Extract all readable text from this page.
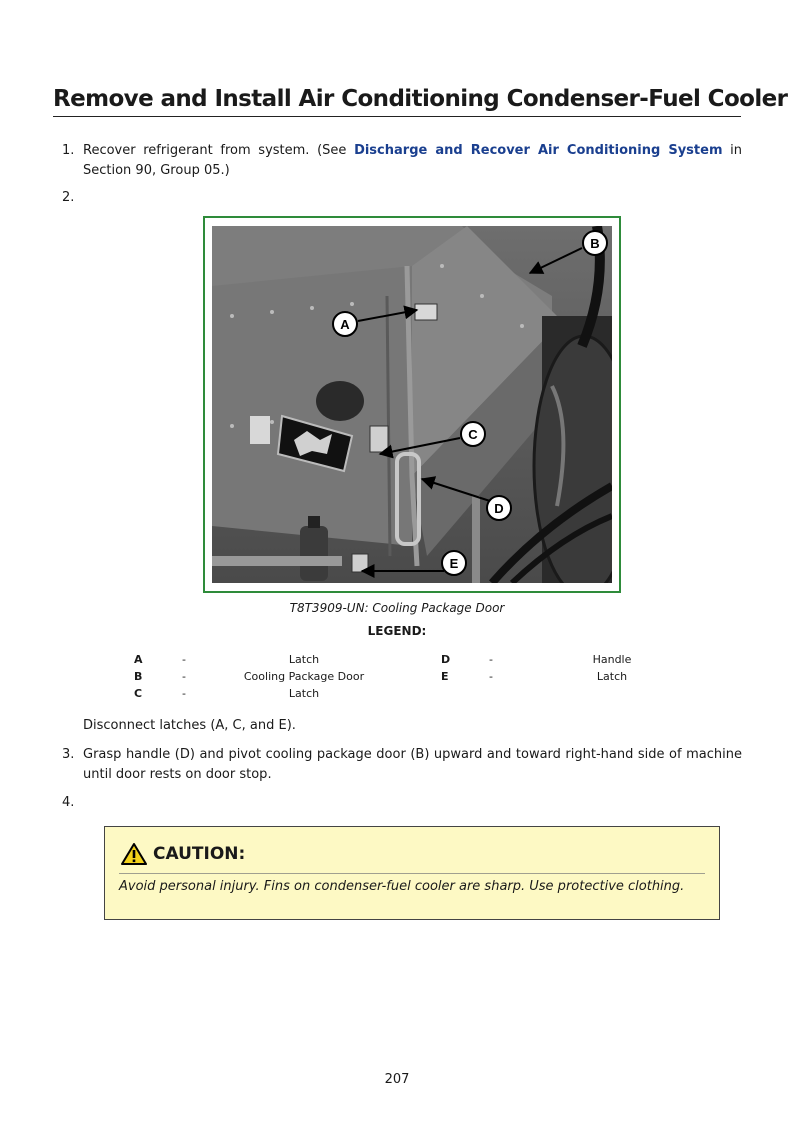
Remove and Install Air Conditioning Condenser-Fuel Cooler
1. Recover refrigerant from system. (See Discharge and Recover Air Conditioning System in Section 90, Group 05.)
2.
A
B
C
D
E
T8T3909-UN: Cooling Package Door
LEGEND:
A	-	Latch	D	-	Handle
B	-	Cooling Package Door	E	-	Latch
C	-	Latch
Disconnect latches (A, C, and E).
3. Grasp handle (D) and pivot cooling package door (B) upward and toward right-hand side of machine until door rests on door stop.
4.
CAUTION:
Avoid personal injury. Fins on condenser-fuel cooler are sharp. Use protective clothing.
207
